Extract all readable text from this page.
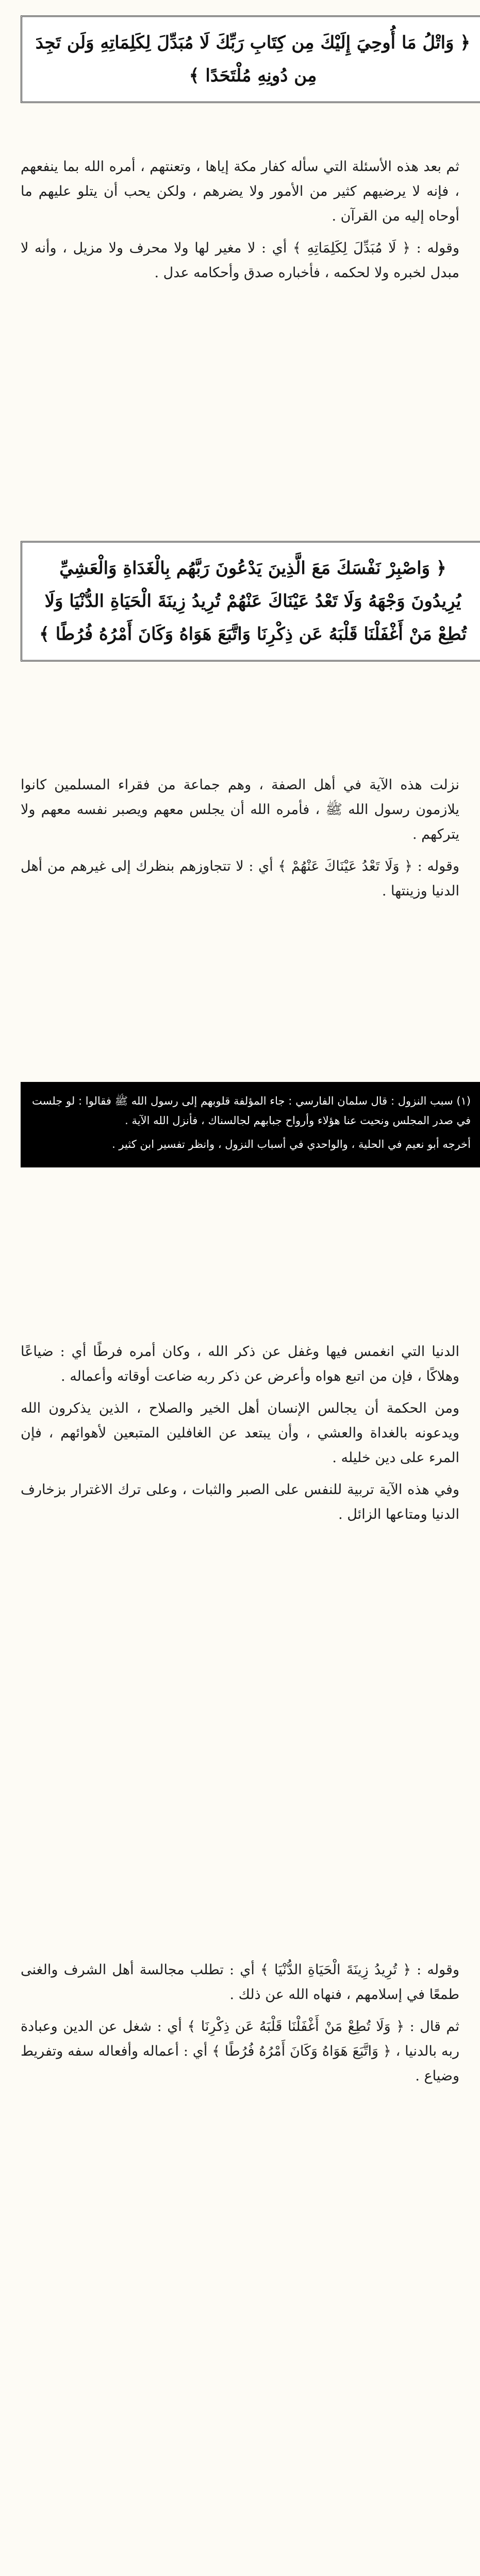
﴿ وَاتْلُ مَا أُوحِيَ إِلَيْكَ مِن كِتَابِ رَبِّكَ لَا مُبَدِّلَ لِكَلِمَاتِهِ وَلَن تَجِدَ مِن دُونِهِ مُلْتَحَدًا ﴾

ثم بعد هذه الأسئلة التي سأله كفار مكة إياها ، وتعنتهم ، أمره الله بما ينفعهم ، فإنه لا يرضيهم كثير من الأمور ولا يضرهم ، ولكن يحب أن يتلو عليهم ما أوحاه إليه من القرآن .

وقوله : ﴿ لَا مُبَدِّلَ لِكَلِمَاتِهِ ﴾ أي : لا مغير لها ولا محرف ولا مزيل ، وأنه لا مبدل لخبره ولا لحكمه ، فأخباره صدق وأحكامه عدل .

﴿ وَاصْبِرْ نَفْسَكَ مَعَ الَّذِينَ يَدْعُونَ رَبَّهُم بِالْغَدَاةِ وَالْعَشِيِّ يُرِيدُونَ وَجْهَهُ وَلَا تَعْدُ عَيْنَاكَ عَنْهُمْ تُرِيدُ زِينَةَ الْحَيَاةِ الدُّنْيَا وَلَا تُطِعْ مَنْ أَغْفَلْنَا قَلْبَهُ عَن ذِكْرِنَا وَاتَّبَعَ هَوَاهُ وَكَانَ أَمْرُهُ فُرُطًا ﴾

نزلت هذه الآية في أهل الصفة ، وهم جماعة من فقراء المسلمين كانوا يلازمون رسول الله ﷺ ، فأمره الله أن يجلس معهم ويصبر نفسه معهم ولا يتركهم .

وقوله : ﴿ وَلَا تَعْدُ عَيْنَاكَ عَنْهُمْ ﴾ أي : لا تتجاوزهم بنظرك إلى غيرهم من أهل الدنيا وزينتها .

(١) سبب النزول : قال سلمان الفارسي : جاء المؤلفة قلوبهم إلى رسول الله ﷺ فقالوا : لو جلست في صدر المجلس ونحيت عنا هؤلاء وأرواح جبابهم لجالسناك ، فأنزل الله الآية .

أخرجه أبو نعيم في الحلية ، والواحدي في أسباب النزول ، وانظر تفسير ابن كثير .

الدنيا التي انغمس فيها وغفل عن ذكر الله ، وكان أمره فرطًا أي : ضياعًا وهلاكًا ، فإن من اتبع هواه وأعرض عن ذكر ربه ضاعت أوقاته وأعماله .

ومن الحكمة أن يجالس الإنسان أهل الخير والصلاح ، الذين يذكرون الله ويدعونه بالغداة والعشي ، وأن يبتعد عن الغافلين المتبعين لأهوائهم ، فإن المرء على دين خليله .

وفي هذه الآية تربية للنفس على الصبر والثبات ، وعلى ترك الاغترار بزخارف الدنيا ومتاعها الزائل .

وقوله : ﴿ تُرِيدُ زِينَةَ الْحَيَاةِ الدُّنْيَا ﴾ أي : تطلب مجالسة أهل الشرف والغنى طمعًا في إسلامهم ، فنهاه الله عن ذلك .

ثم قال : ﴿ وَلَا تُطِعْ مَنْ أَغْفَلْنَا قَلْبَهُ عَن ذِكْرِنَا ﴾ أي : شغل عن الدين وعبادة ربه بالدنيا ، ﴿ وَاتَّبَعَ هَوَاهُ وَكَانَ أَمْرُهُ فُرُطًا ﴾ أي : أعماله وأفعاله سفه وتفريط وضياع .
